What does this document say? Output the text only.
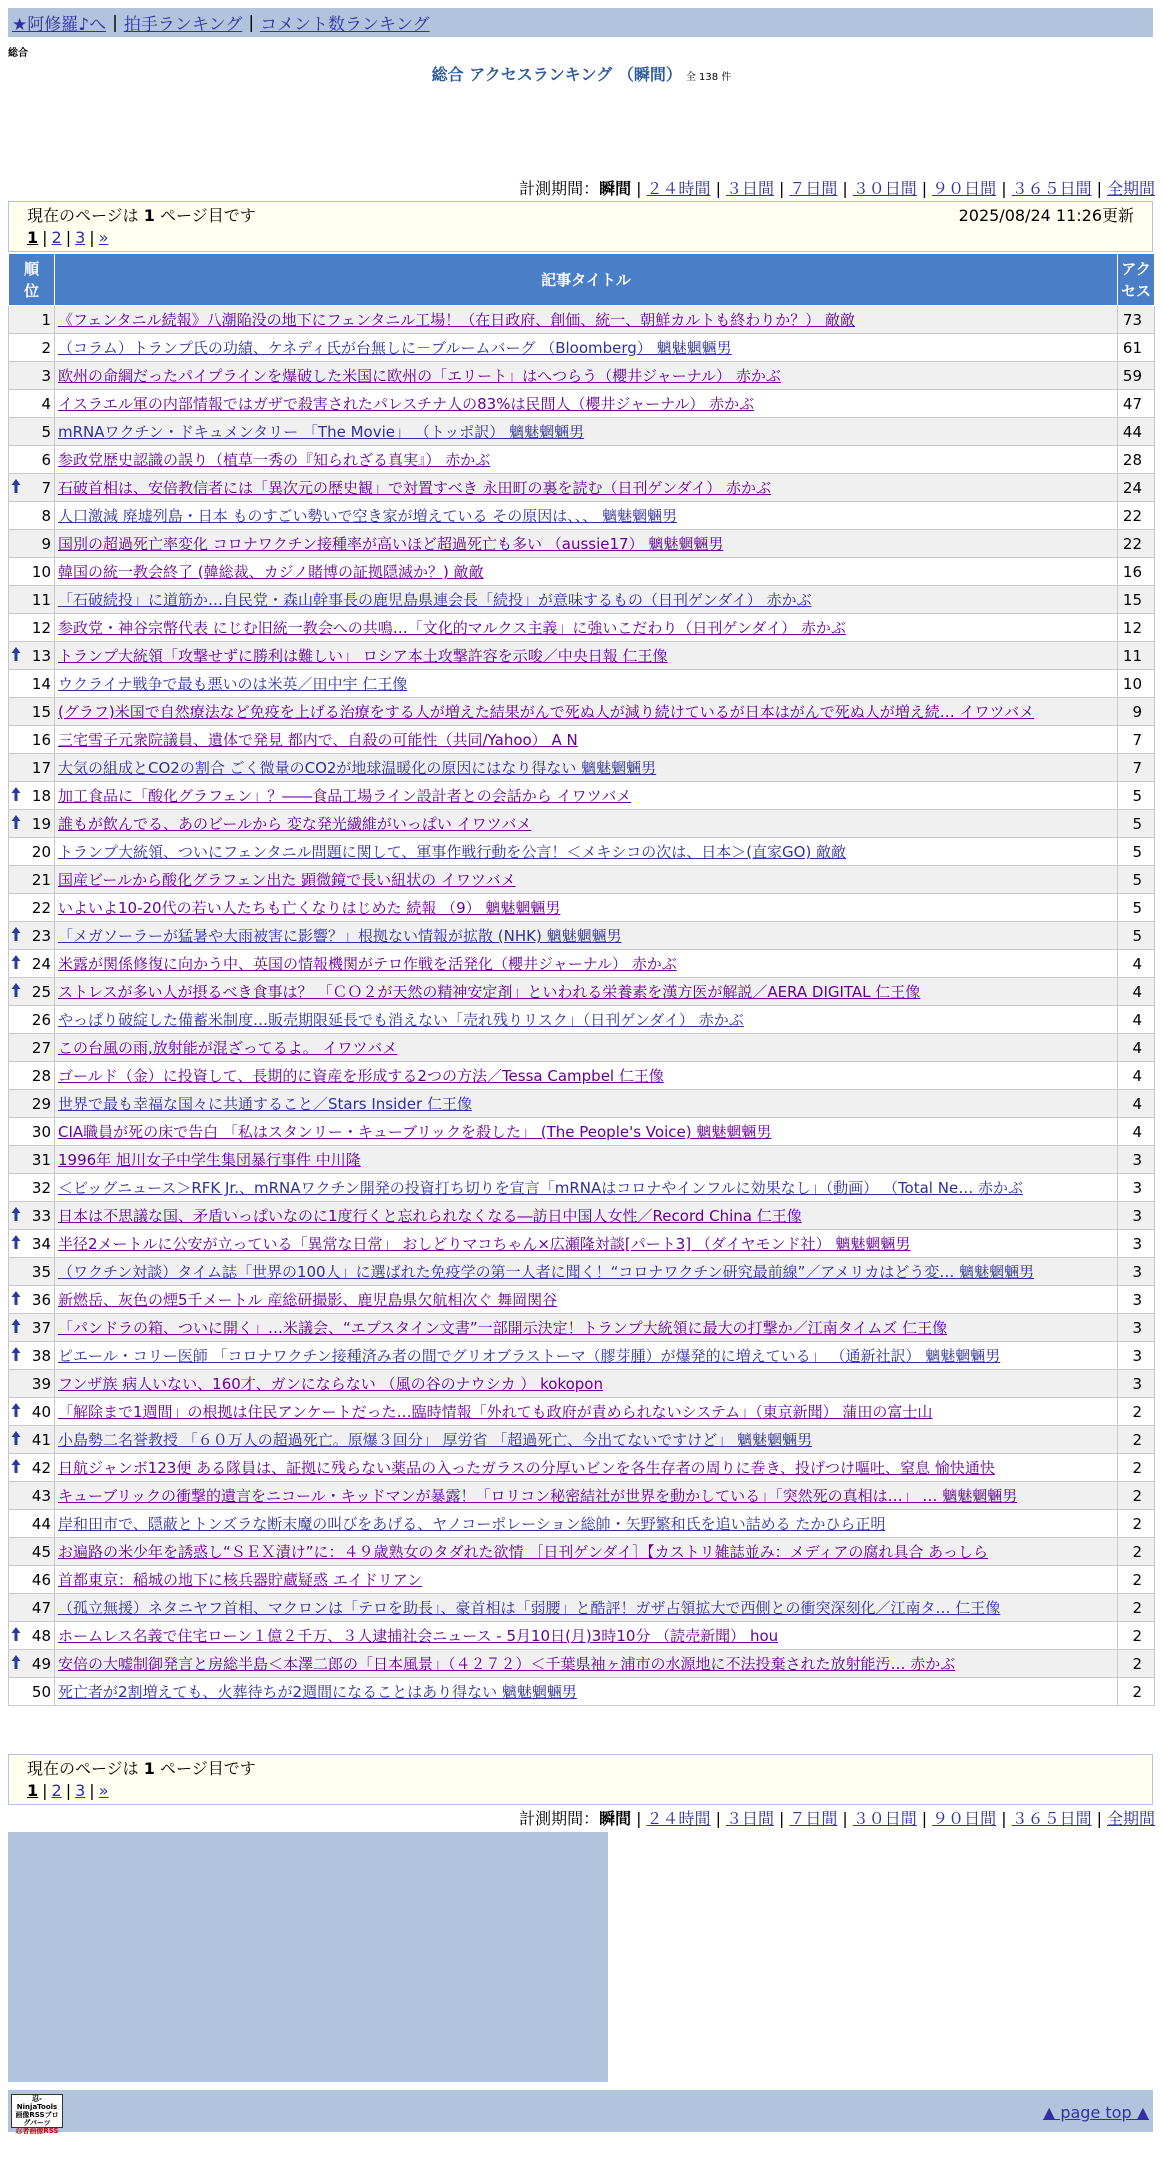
★阿修羅♪へ | 拍手ランキング | コメント数ランキング
総合
総合 アクセスランキング （瞬間） 全 138 件
計測期間：瞬間 | ２４時間 | ３日間 | ７日間 | ３０日間 | ９０日間 | ３６５日間 | 全期間
現在のページは 1 ページ目です	2025/08/24 11:26更新
1 | 2 | 3 | »
順位	記事タイトル	アクセス
1	《フェンタニル続報》八潮陥没の地下にフェンタニル工場！（在日政府、創価、統一、朝鮮カルトも終わりか？） 敵敵	73
2	（コラム）トランプ氏の功績、ケネディ氏が台無しに－ブルームバーグ （Bloomberg） 魑魅魍魎男	61
3	欧州の命綱だったパイプラインを爆破した米国に欧州の「エリート」はへつらう（櫻井ジャーナル） 赤かぶ	59
4	イスラエル軍の内部情報ではガザで殺害されたパレスチナ人の83%は民間人（櫻井ジャーナル） 赤かぶ	47
5	mRNAワクチン・ドキュメンタリー 「The Movie」 （トッポ訳） 魑魅魍魎男	44
6	参政党歴史認識の誤り（植草一秀の『知られざる真実』） 赤かぶ	28

7	石破首相は、安倍教信者には「異次元の歴史観」で対置すべき 永田町の裏を読む（日刊ゲンダイ） 赤かぶ	24
8	人口激減 廃墟列島・日本 ものすごい勢いで空き家が増えている その原因は、、、 魑魅魍魎男	22
9	国別の超過死亡率変化 コロナワクチン接種率が高いほど超過死亡も多い （aussie17） 魑魅魍魎男	22
10	韓国の統一教会終了 (韓総裁、カジノ賭博の証拠隠滅か？) 敵敵	16
11	「石破続投」に道筋か…自民党・森山幹事長の鹿児島県連会長「続投」が意味するもの（日刊ゲンダイ） 赤かぶ	15
12	参政党・神谷宗幣代表 にじむ旧統一教会への共鳴…「文化的マルクス主義」に強いこだわり（日刊ゲンダイ） 赤かぶ	12

13	トランプ大統領「攻撃せずに勝利は難しい」 ロシア本土攻撃許容を示唆／中央日報 仁王像	11
14	ウクライナ戦争で最も悪いのは米英／田中宇 仁王像	10
15	(グラフ)米国で自然療法など免疫を上げる治療をする人が増えた結果がんで死ぬ人が減り続けているが日本はがんで死ぬ人が増え続… イワツバメ	9
16	三宅雪子元衆院議員、遺体で発見 都内で、自殺の可能性（共同/Yahoo） A N	7
17	大気の組成とCO2の割合 ごく微量のCO2が地球温暖化の原因にはなり得ない 魑魅魍魎男	7

18	加工食品に「酸化グラフェン」？――食品工場ライン設計者との会話から イワツバメ	5

19	誰もが飲んでる、あのビールから 変な発光繊維がいっぱい イワツバメ	5
20	トランプ大統領、ついにフェンタニル問題に関して、軍事作戦行動を公言！＜メキシコの次は、日本＞(直家GO) 敵敵	5
21	国産ビールから酸化グラフェン出た 顕微鏡で長い紐状の イワツバメ	5
22	いよいよ10-20代の若い人たちも亡くなりはじめた 続報 （9） 魑魅魍魎男	5

23	「メガソーラーが猛暑や大雨被害に影響？」根拠ない情報が拡散 (NHK) 魑魅魍魎男	5

24	米露が関係修復に向かう中、英国の情報機関がテロ作戦を活発化（櫻井ジャーナル） 赤かぶ	4

25	ストレスが多い人が摂るべき食事は？ 「ＣＯ２が天然の精神安定剤」といわれる栄養素を漢方医が解説／AERA DIGITAL 仁王像	4
26	やっぱり破綻した備蓄米制度…販売期限延長でも消えない「売れ残りリスク」（日刊ゲンダイ） 赤かぶ	4
27	この台風の雨,放射能が混ざってるよ。 イワツバメ	4
28	ゴールド（金）に投資して、長期的に資産を形成する2つの方法／Tessa Campbel 仁王像	4
29	世界で最も幸福な国々に共通すること／Stars Insider 仁王像	4
30	CIA職員が死の床で告白 「私はスタンリー・キューブリックを殺した」 (The People's Voice) 魑魅魍魎男	4
31	1996年 旭川女子中学生集団暴行事件 中川隆	3
32	＜ビッグニュース＞RFK Jr.、mRNAワクチン開発の投資打ち切りを宣言「mRNAはコロナやインフルに効果なし」（動画） （Total Ne… 赤かぶ	3

33	日本は不思議な国、矛盾いっぱいなのに1度行くと忘れられなくなる―訪日中国人女性／Record China 仁王像	3

34	半径2メートルに公安が立っている「異常な日常」 おしどりマコちゃん×広瀬隆対談[パート3] （ダイヤモンド社） 魑魅魍魎男	3
35	（ワクチン対談）タイム誌「世界の100人」に選ばれた免疫学の第一人者に聞く！“コロナワクチン研究最前線”／アメリカはどう変… 魑魅魍魎男	3

36	新燃岳、灰色の煙5千メートル 産総研撮影、鹿児島県欠航相次ぐ 舞岡関谷	3

37	「パンドラの箱、ついに開く」…米議会、“エプスタイン文書”一部開示決定！トランプ大統領に最大の打撃か／江南タイムズ 仁王像	3

38	ピエール・コリー医師 「コロナワクチン接種済み者の間でグリオブラストーマ（膠芽腫）が爆発的に増えている」 （通新社訳） 魑魅魍魎男	3
39	フンザ族 病人いない、160才、ガンにならない （風の谷のナウシカ ） kokopon	3

40	「解除まで1週間」の根拠は住民アンケートだった…臨時情報「外れても政府が責められないシステム」（東京新聞） 蒲田の富士山	2

41	小島勢二名誉教授 「６０万人の超過死亡。原爆３回分」 厚労省 「超過死亡、今出てないですけど」 魑魅魍魎男	2

42	日航ジャンボ123便 ある隊員は、証拠に残らない薬品の入ったガラスの分厚いビンを各生存者の周りに巻き、投げつけ嘔吐、窒息 愉快通快	2
43	キューブリックの衝撃的遺言をニコール・キッドマンが暴露！「ロリコン秘密結社が世界を動かしている」「突然死の真相は…」 … 魑魅魍魎男	2
44	岸和田市で、隠蔽とトンズラな断末魔の叫びをあげる、ヤノコーポレーション総帥・矢野繁和氏を追い詰める たかひら正明	2
45	お遍路の米少年を誘惑し“ＳＥＸ漬け”に：４９歳熟女のタダれた欲情 ［日刊ゲンダイ］【カストリ雑誌並み：メディアの腐れ具合 あっしら	2
46	首都東京：稲城の地下に核兵器貯蔵疑惑 エイドリアン	2
47	（孤立無援）ネタニヤフ首相、マクロンは「テロを助長」、豪首相は「弱腰」と酷評！ガザ占領拡大で西側との衝突深刻化／江南タ… 仁王像	2

48	ホームレス名義で住宅ローン１億２千万、３人逮捕社会ニュース - 5月10日(月)3時10分 （読売新聞） hou	2

49	安倍の大嘘制御発言と房総半島＜本澤二郎の「日本風景」（４２７２）＜千葉県袖ヶ浦市の水源地に不法投棄された放射能汚… 赤かぶ	2
50	死亡者が2割増えても、火葬待ちが2週間になることはあり得ない 魑魅魍魎男	2
現在のページは 1 ページ目です
1 | 2 | 3 | »
計測期間：瞬間 | ２４時間 | ３日間 | ７日間 | ３０日間 | ９０日間 | ３６５日間 | 全期間
忍-NinjaTools
画像RSSブログパーツ
忍者画像RSS
▲ page top ▲
